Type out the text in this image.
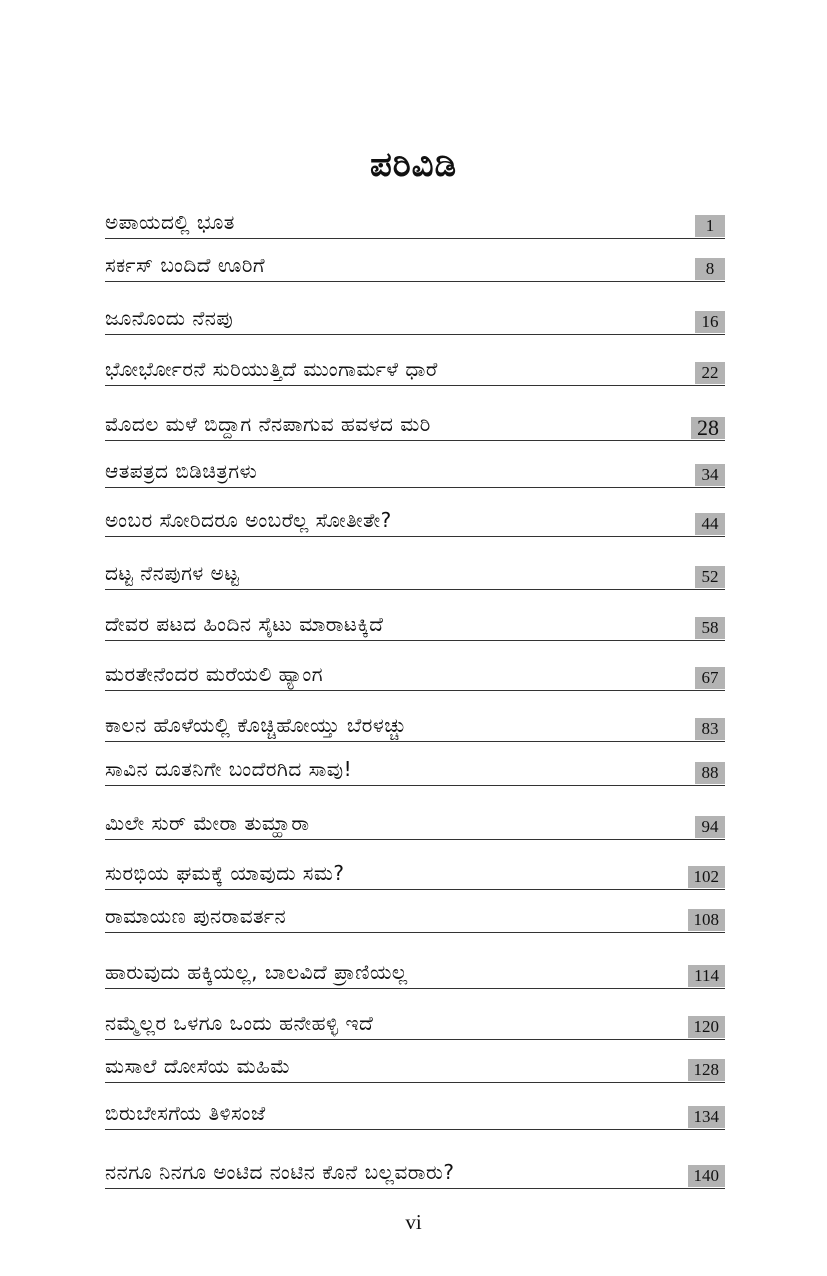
ಪರಿವಿಡಿ
ಅಪಾಯದಲ್ಲಿ ಭೂತ	1
ಸರ್ಕಸ್ ಬಂದಿದೆ ಊರಿಗೆ	8
ಜೂನೊಂದು ನೆನಪು	16
ಭೋರ್ಭೋರನೆ ಸುರಿಯುತ್ತಿದೆ ಮುಂಗಾರ್ಮಳೆ ಧಾರೆ	22
ಮೊದಲ ಮಳೆ ಬಿದ್ದಾಗ ನೆನಪಾಗುವ ಹವಳದ ಮರಿ	28
ಆತಪತ್ರದ ಬಿಡಿಚಿತ್ರಗಳು	34
ಅಂಬರ ಸೋರಿದರೂ ಅಂಬರೆಲ್ಲ ಸೋತೀತೇ?	44
ದಟ್ಟ ನೆನಪುಗಳ ಅಟ್ಟ	52
ದೇವರ ಪಟದ ಹಿಂದಿನ ಸೈಟು ಮಾರಾಟಕ್ಕಿದೆ	58
ಮರತೇನೆಂದರ ಮರೆಯಲಿ ಹ್ಯಾಂಗ	67
ಕಾಲನ ಹೊಳೆಯಲ್ಲಿ ಕೊಚ್ಚಿಹೋಯ್ತು ಬೆರಳಚ್ಚು	83
ಸಾವಿನ ದೂತನಿಗೇ ಬಂದೆರಗಿದ ಸಾವು!	88
ಮಿಲೇ ಸುರ್ ಮೇರಾ ತುಮ್ಹಾರಾ	94
ಸುರಭಿಯ ಘಮಕ್ಕೆ ಯಾವುದು ಸಮ?	102
ರಾಮಾಯಣ ಪುನರಾವರ್ತನ	108
ಹಾರುವುದು ಹಕ್ಕಿಯಲ್ಲ, ಬಾಲವಿದೆ ಪ್ರಾಣಿಯಲ್ಲ	114
ನಮ್ಮೆಲ್ಲರ ಒಳಗೂ ಒಂದು ಹನೇಹಳ್ಳಿ ಇದೆ	120
ಮಸಾಲೆ ದೋಸೆಯ ಮಹಿಮೆ	128
ಬಿರುಬೇಸಗೆಯ ತಿಳಿಸಂಜೆ	134
ನನಗೂ ನಿನಗೂ ಅಂಟಿದ ನಂಟಿನ ಕೊನೆ ಬಲ್ಲವರಾರು?	140
vi
